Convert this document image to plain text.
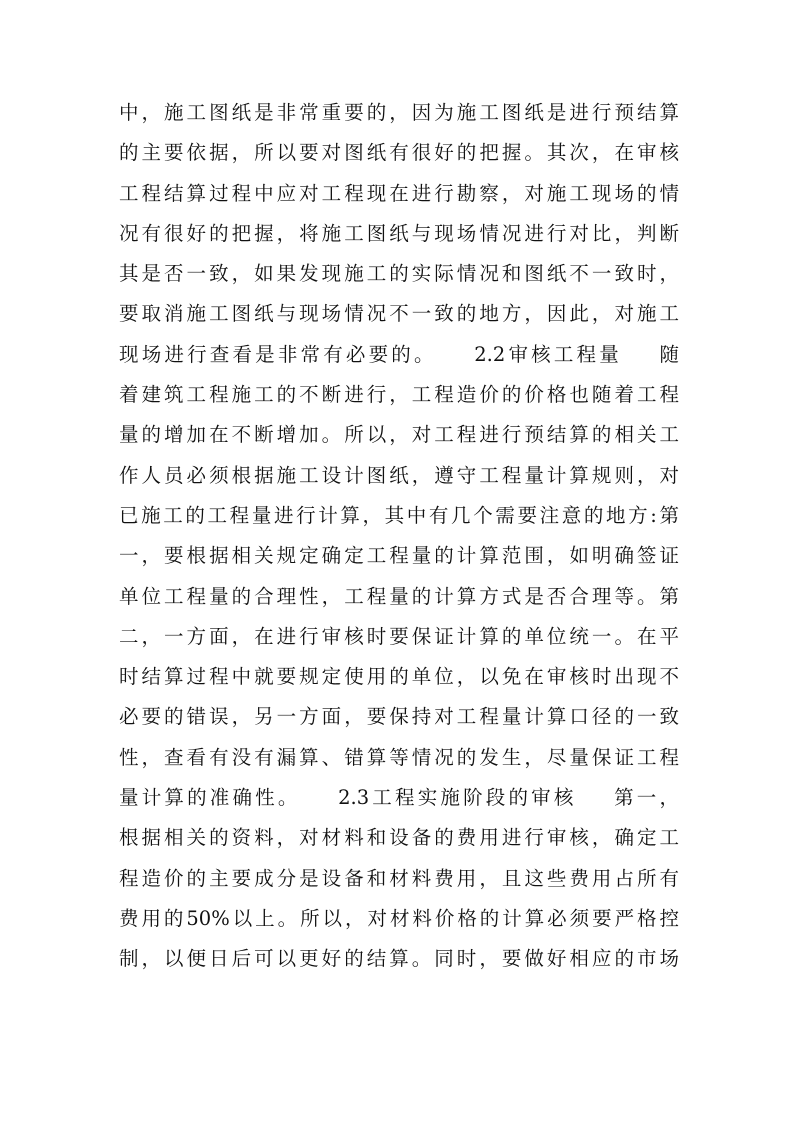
中，施工图纸是非常重要的，因为施工图纸是进行预结算
的主要依据，所以要对图纸有很好的把握。其次，在审核
工程结算过程中应对工程现在进行勘察，对施工现场的情
况有很好的把握，将施工图纸与现场情况进行对比，判断
其是否一致，如果发现施工的实际情况和图纸不一致时，
要取消施工图纸与现场情况不一致的地方，因此，对施工
现场进行查看是非常有必要的。    2.2审核工程量    随
着建筑工程施工的不断进行，工程造价的价格也随着工程
量的增加在不断增加。所以，对工程进行预结算的相关工
作人员必须根据施工设计图纸，遵守工程量计算规则，对
已施工的工程量进行计算，其中有几个需要注意的地方:第
一，要根据相关规定确定工程量的计算范围，如明确签证
单位工程量的合理性，工程量的计算方式是否合理等。第
二，一方面，在进行审核时要保证计算的单位统一。在平
时结算过程中就要规定使用的单位，以免在审核时出现不
必要的错误，另一方面，要保持对工程量计算口径的一致
性，查看有没有漏算、错算等情况的发生，尽量保证工程
量计算的准确性。    2.3工程实施阶段的审核    第一，
根据相关的资料，对材料和设备的费用进行审核，确定工
程造价的主要成分是设备和材料费用，且这些费用占所有
费用的50%以上。所以，对材料价格的计算必须要严格控
制，以便日后可以更好的结算。同时，要做好相应的市场
